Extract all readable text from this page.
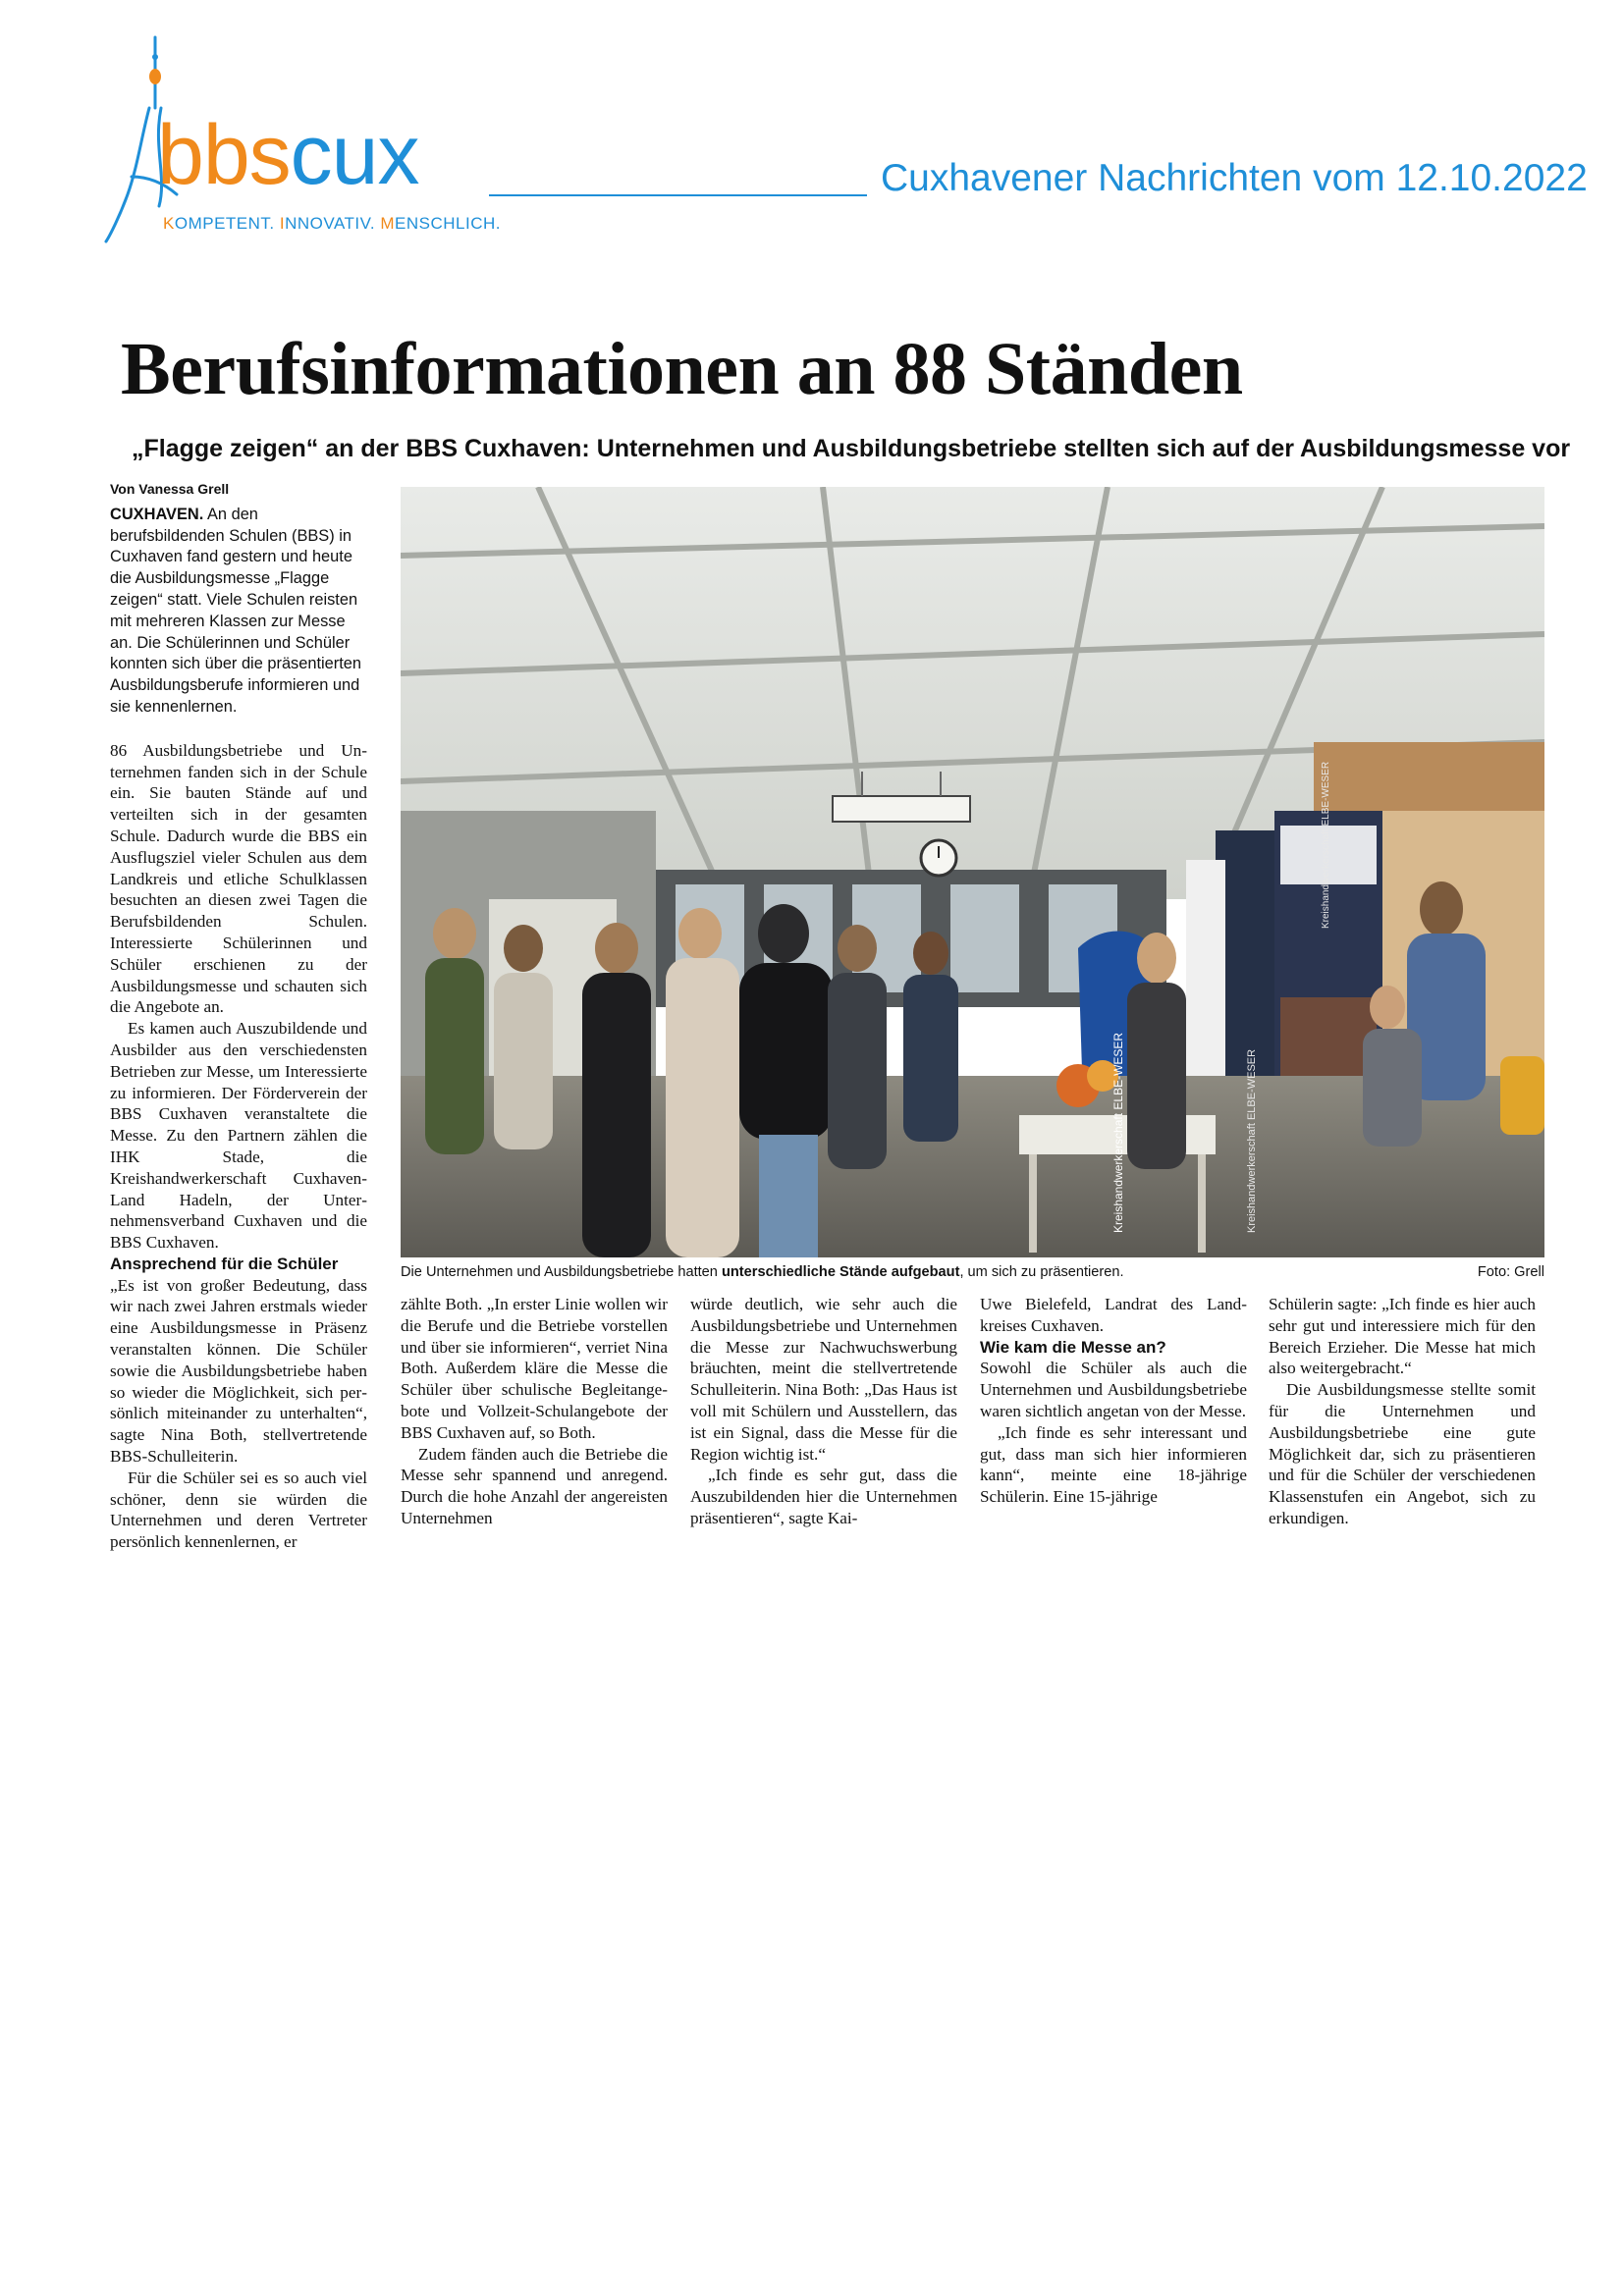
bbscux
KOMPETENT. INNOVATIV. MENSCHLICH.
Cuxhavener Nachrichten vom 12.10.2022
Berufsinformationen an 88 Ständen
„Flagge zeigen“ an der BBS Cuxhaven: Unternehmen und Ausbildungsbetriebe stellten sich auf der Ausbildungsmesse vor

Von Vanessa Grell

CUXHAVEN. An den berufsbildenden Schulen (BBS) in Cuxhaven fand gestern und heute die Ausbildungsmesse „Flagge zeigen“ statt. Viele Schulen reisten mit mehreren Klassen zur Messe an. Die Schülerinnen und Schüler konnten sich über die präsentierten Ausbildungsberufe informieren und sie kennenlernen.

86 Ausbildungsbetriebe und Unternehmen fanden sich in der Schule ein. Sie bauten Stände auf und verteilten sich in der gesamten Schule. Dadurch wurde die BBS ein Ausflugsziel vieler Schulen aus dem Landkreis und etliche Schulklassen besuchten an diesen zwei Tagen die Berufsbildenden Schulen. Interessierte Schülerinnen und Schüler erschienen zu der Ausbildungsmesse und schauten sich die Angebote an.

Es kamen auch Auszubildende und Ausbilder aus den verschiedensten Betrieben zur Messe, um Interessierte zu informieren. Der Förderverein der BBS Cuxhaven veranstaltete die Messe. Zu den Partnern zählen die IHK Stade, die Kreishandwerkerschaft Cuxhaven-Land Hadeln, der Unternehmensverband Cuxhaven und die BBS Cuxhaven.

Ansprechend für die Schüler

„Es ist von großer Bedeutung, dass wir nach zwei Jahren erstmals wieder eine Ausbildungsmesse in Präsenz veranstalten können. Die Schüler sowie die Ausbildungsbetriebe haben so wieder die Möglichkeit, sich persönlich miteinander zu unterhalten“, sagte Nina Both, stellvertretende BBS-Schulleiterin.

Für die Schüler sei es so auch viel schöner, denn sie würden die Unternehmen und deren Vertreter persönlich kennenlernen, er

Kreishandwerkerschaft ELBE-WESER
Kreishandwerkerschaft ELBE-WESER	Kreishandwerkerschaft ELBE-WESER
Die Unternehmen und Ausbildungsbetriebe hatten unterschiedliche Stände aufgebaut, um sich zu präsentieren.	Foto: Grell

zählte Both. „In erster Linie wollen wir die Berufe und die Betriebe vorstellen und über sie informieren“, verriet Nina Both. Außerdem kläre die Messe die Schüler über schulische Begleitangebote und Vollzeit-Schulangebote der BBS Cuxhaven auf, so Both.

Zudem fänden auch die Betriebe die Messe sehr spannend und anregend. Durch die hohe Anzahl der angereisten Unternehmen

würde deutlich, wie sehr auch die Ausbildungsbetriebe und Unternehmen die Messe zur Nachwuchswerbung bräuchten, meint die stellvertretende Schulleiterin. Nina Both: „Das Haus ist voll mit Schülern und Ausstellern, das ist ein Signal, dass die Messe für die Region wichtig ist.“

„Ich finde es sehr gut, dass die Auszubildenden hier die Unternehmen präsentieren“, sagte Kai-

Uwe Bielefeld, Landrat des Landkreises Cuxhaven.

Wie kam die Messe an?

Sowohl die Schüler als auch die Unternehmen und Ausbildungsbetriebe waren sichtlich angetan von der Messe.

„Ich finde es sehr interessant und gut, dass man sich hier informieren kann“, meinte eine 18-jährige Schülerin. Eine 15-jährige

Schülerin sagte: „Ich finde es hier auch sehr gut und interessiere mich für den Bereich Erzieher. Die Messe hat mich also weitergebracht.“

Die Ausbildungsmesse stellte somit für die Unternehmen und Ausbildungsbetriebe eine gute Möglichkeit dar, sich zu präsentieren und für die Schüler der verschiedenen Klassenstufen ein Angebot, sich zu erkundigen.
